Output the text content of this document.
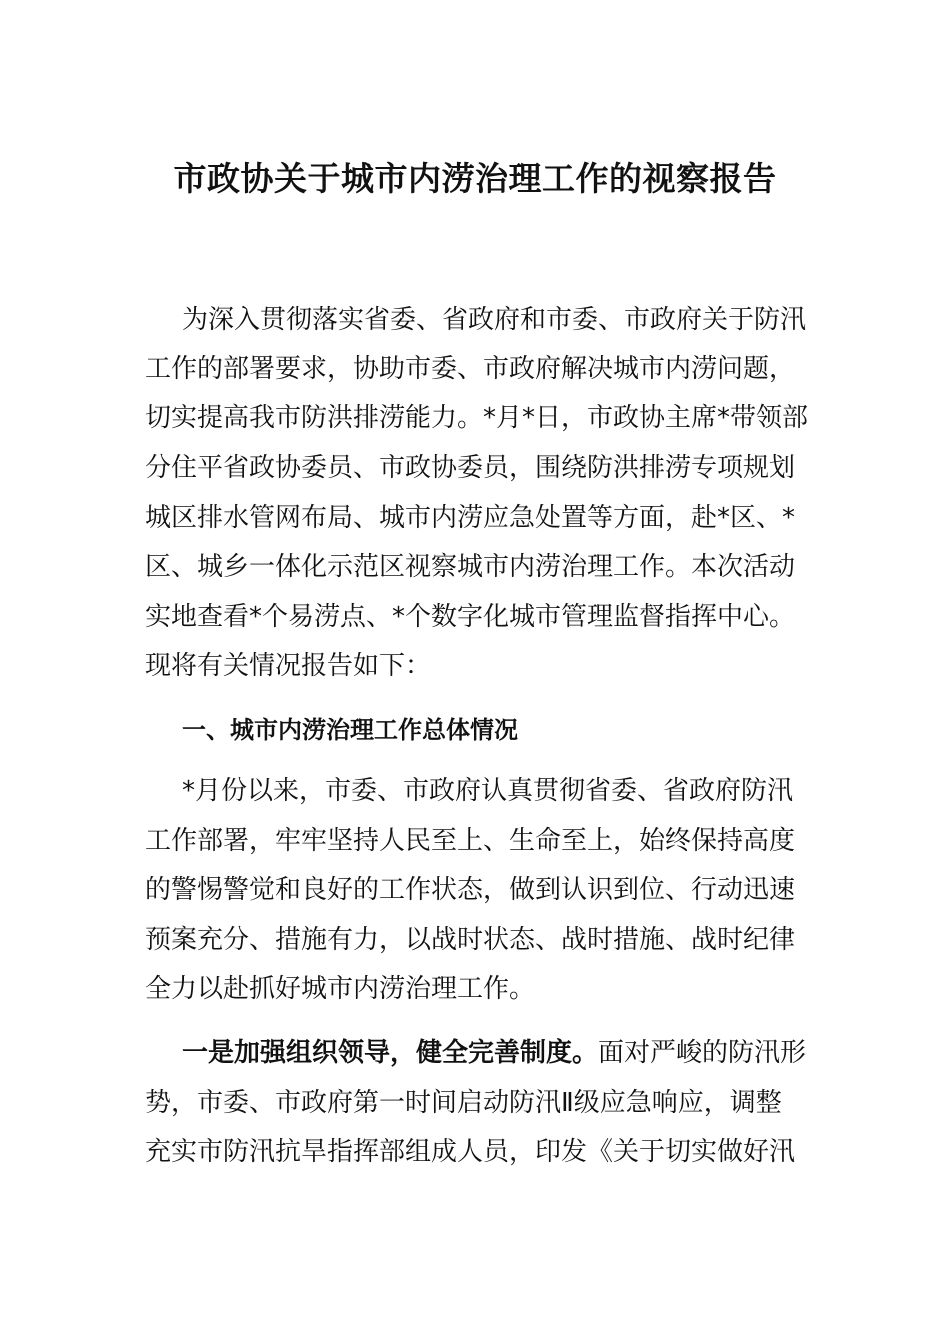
市政协关于城市内涝治理工作的视察报告
为深入贯彻落实省委、省政府和市委、市政府关于防汛
工作的部署要求，协助市委、市政府解决城市内涝问题，
切实提高我市防洪排涝能力。*月*日，市政协主席*带领部
分住平省政协委员、市政协委员，围绕防洪排涝专项规划
城区排水管网布局、城市内涝应急处置等方面，赴*区、*
区、城乡一体化示范区视察城市内涝治理工作。本次活动
实地查看*个易涝点、*个数字化城市管理监督指挥中心。
现将有关情况报告如下：
一、城市内涝治理工作总体情况
*月份以来，市委、市政府认真贯彻省委、省政府防汛
工作部署，牢牢坚持人民至上、生命至上，始终保持高度
的警惕警觉和良好的工作状态，做到认识到位、行动迅速
预案充分、措施有力，以战时状态、战时措施、战时纪律
全力以赴抓好城市内涝治理工作。
一是加强组织领导，健全完善制度。面对严峻的防汛形
势，市委、市政府第一时间启动防汛Ⅱ级应急响应，调整
充实市防汛抗旱指挥部组成人员，印发《关于切实做好汛
